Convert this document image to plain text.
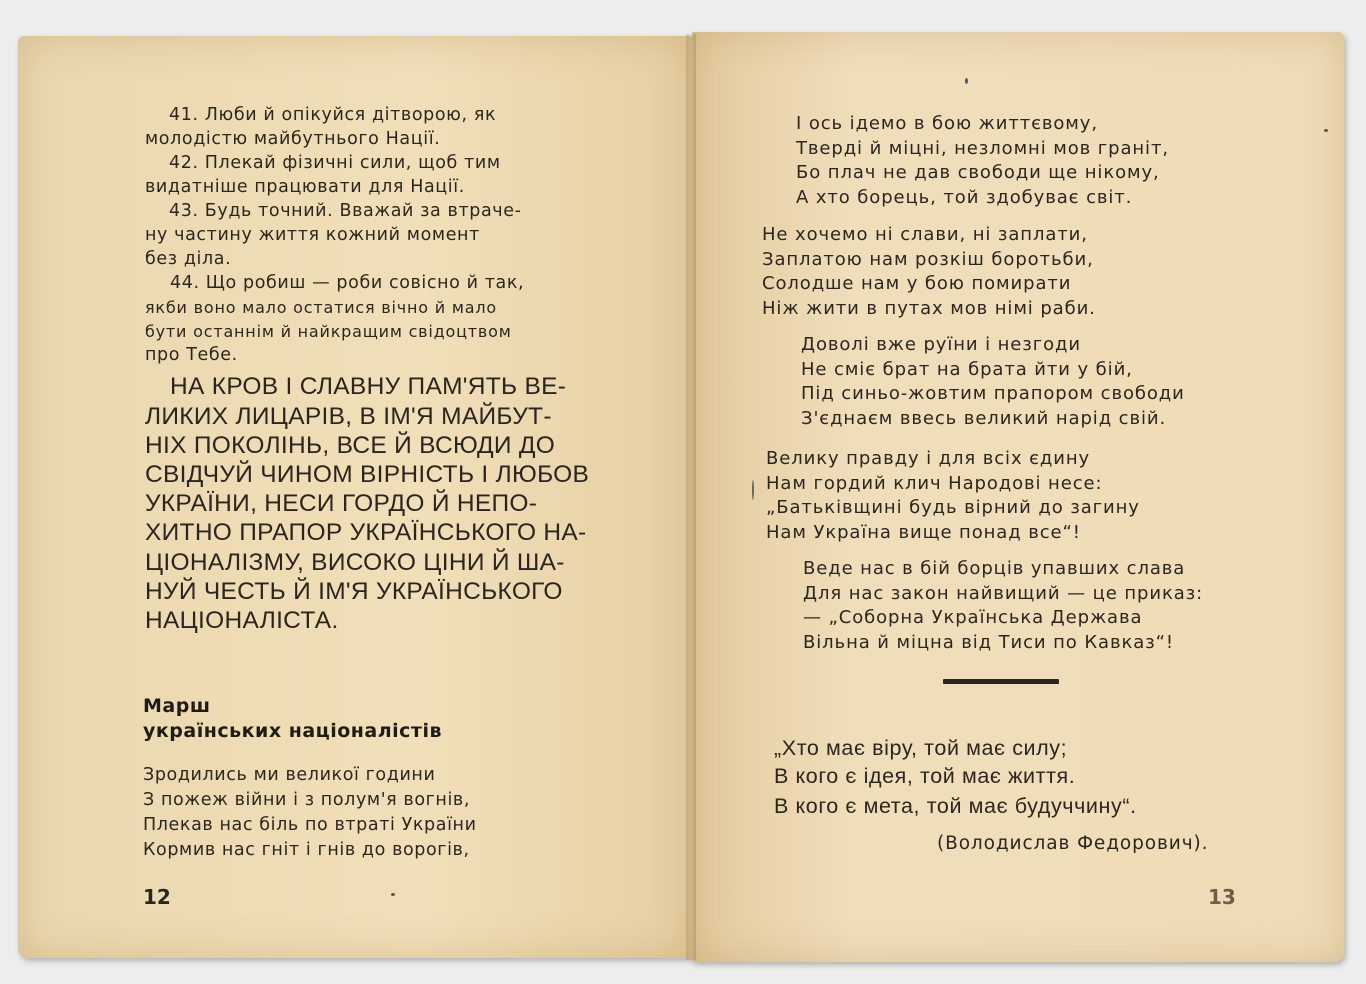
41. Люби й опікуйся дітворою, як

молодістю майбутнього Нації.

42. Плекай фізичні сили, щоб тим

видатніше працювати для Нації.

43. Будь точний. Вважай за втраче-

ну частину життя кожний момент

без діла.
44. Що робиш — роби совісно й так,
якби воно мало остатися вічно й мало
бути останнім й найкращим свідоцтвом
про Тебе.
НА КРОВ І СЛАВНУ ПАМ'ЯТЬ ВЕ-
ЛИКИХ ЛИЦАРІВ, В ІМ'Я МАЙБУТ-
НІХ ПОКОЛІНЬ, ВСЕ Й ВСЮДИ ДО
СВІДЧУЙ ЧИНОМ ВІРНІСТЬ І ЛЮБОВ
УКРАЇНИ, НЕСИ ГОРДО Й НЕПО-
ХИТНО ПРАПОР УКРАЇНСЬКОГО НА-
ЦІОНАЛІЗМУ, ВИСОКО ЦІНИ Й ША-
НУЙ ЧЕСТЬ Й ІМ'Я УКРАЇНСЬКОГО
НАЦІОНАЛІСТА.
Марш
українських націоналістів
Зродились ми великої години
З пожеж війни і з полум'я вогнів,
Плекав нас біль по втраті України
Кормив нас гніт і гнів до ворогів,
12
І ось ідемо в бою життєвому,
Тверді й міцні, незломні мов граніт,
Бо плач не дав свободи ще нікому,
А хто борець, той здобуває світ.
Не хочемо ні слави, ні заплати,
Заплатою нам розкіш боротьби,
Солодше нам у бою помирати
Ніж жити в путах мов німі раби.
Доволі вже руїни і незгоди
Не сміє брат на брата йти у бій,
Під синьо-жовтим прапором свободи
З'єднаєм ввесь великий нарід свій.
Велику правду і для всіх єдину
Нам гордий клич Народові несе:
„Батьківщині будь вірний до загину
Нам Україна вище понад все“!
Веде нас в бій борців упавших слава
Для нас закон найвищий — це приказ:
— „Соборна Українська Держава
Вільна й міцна від Тиси по Кавказ“!
„Хто має віру, той має силу;
В кого є ідея, той має життя.
В кого є мета, той має будуччину“.
(Володислав Федорович).
13
